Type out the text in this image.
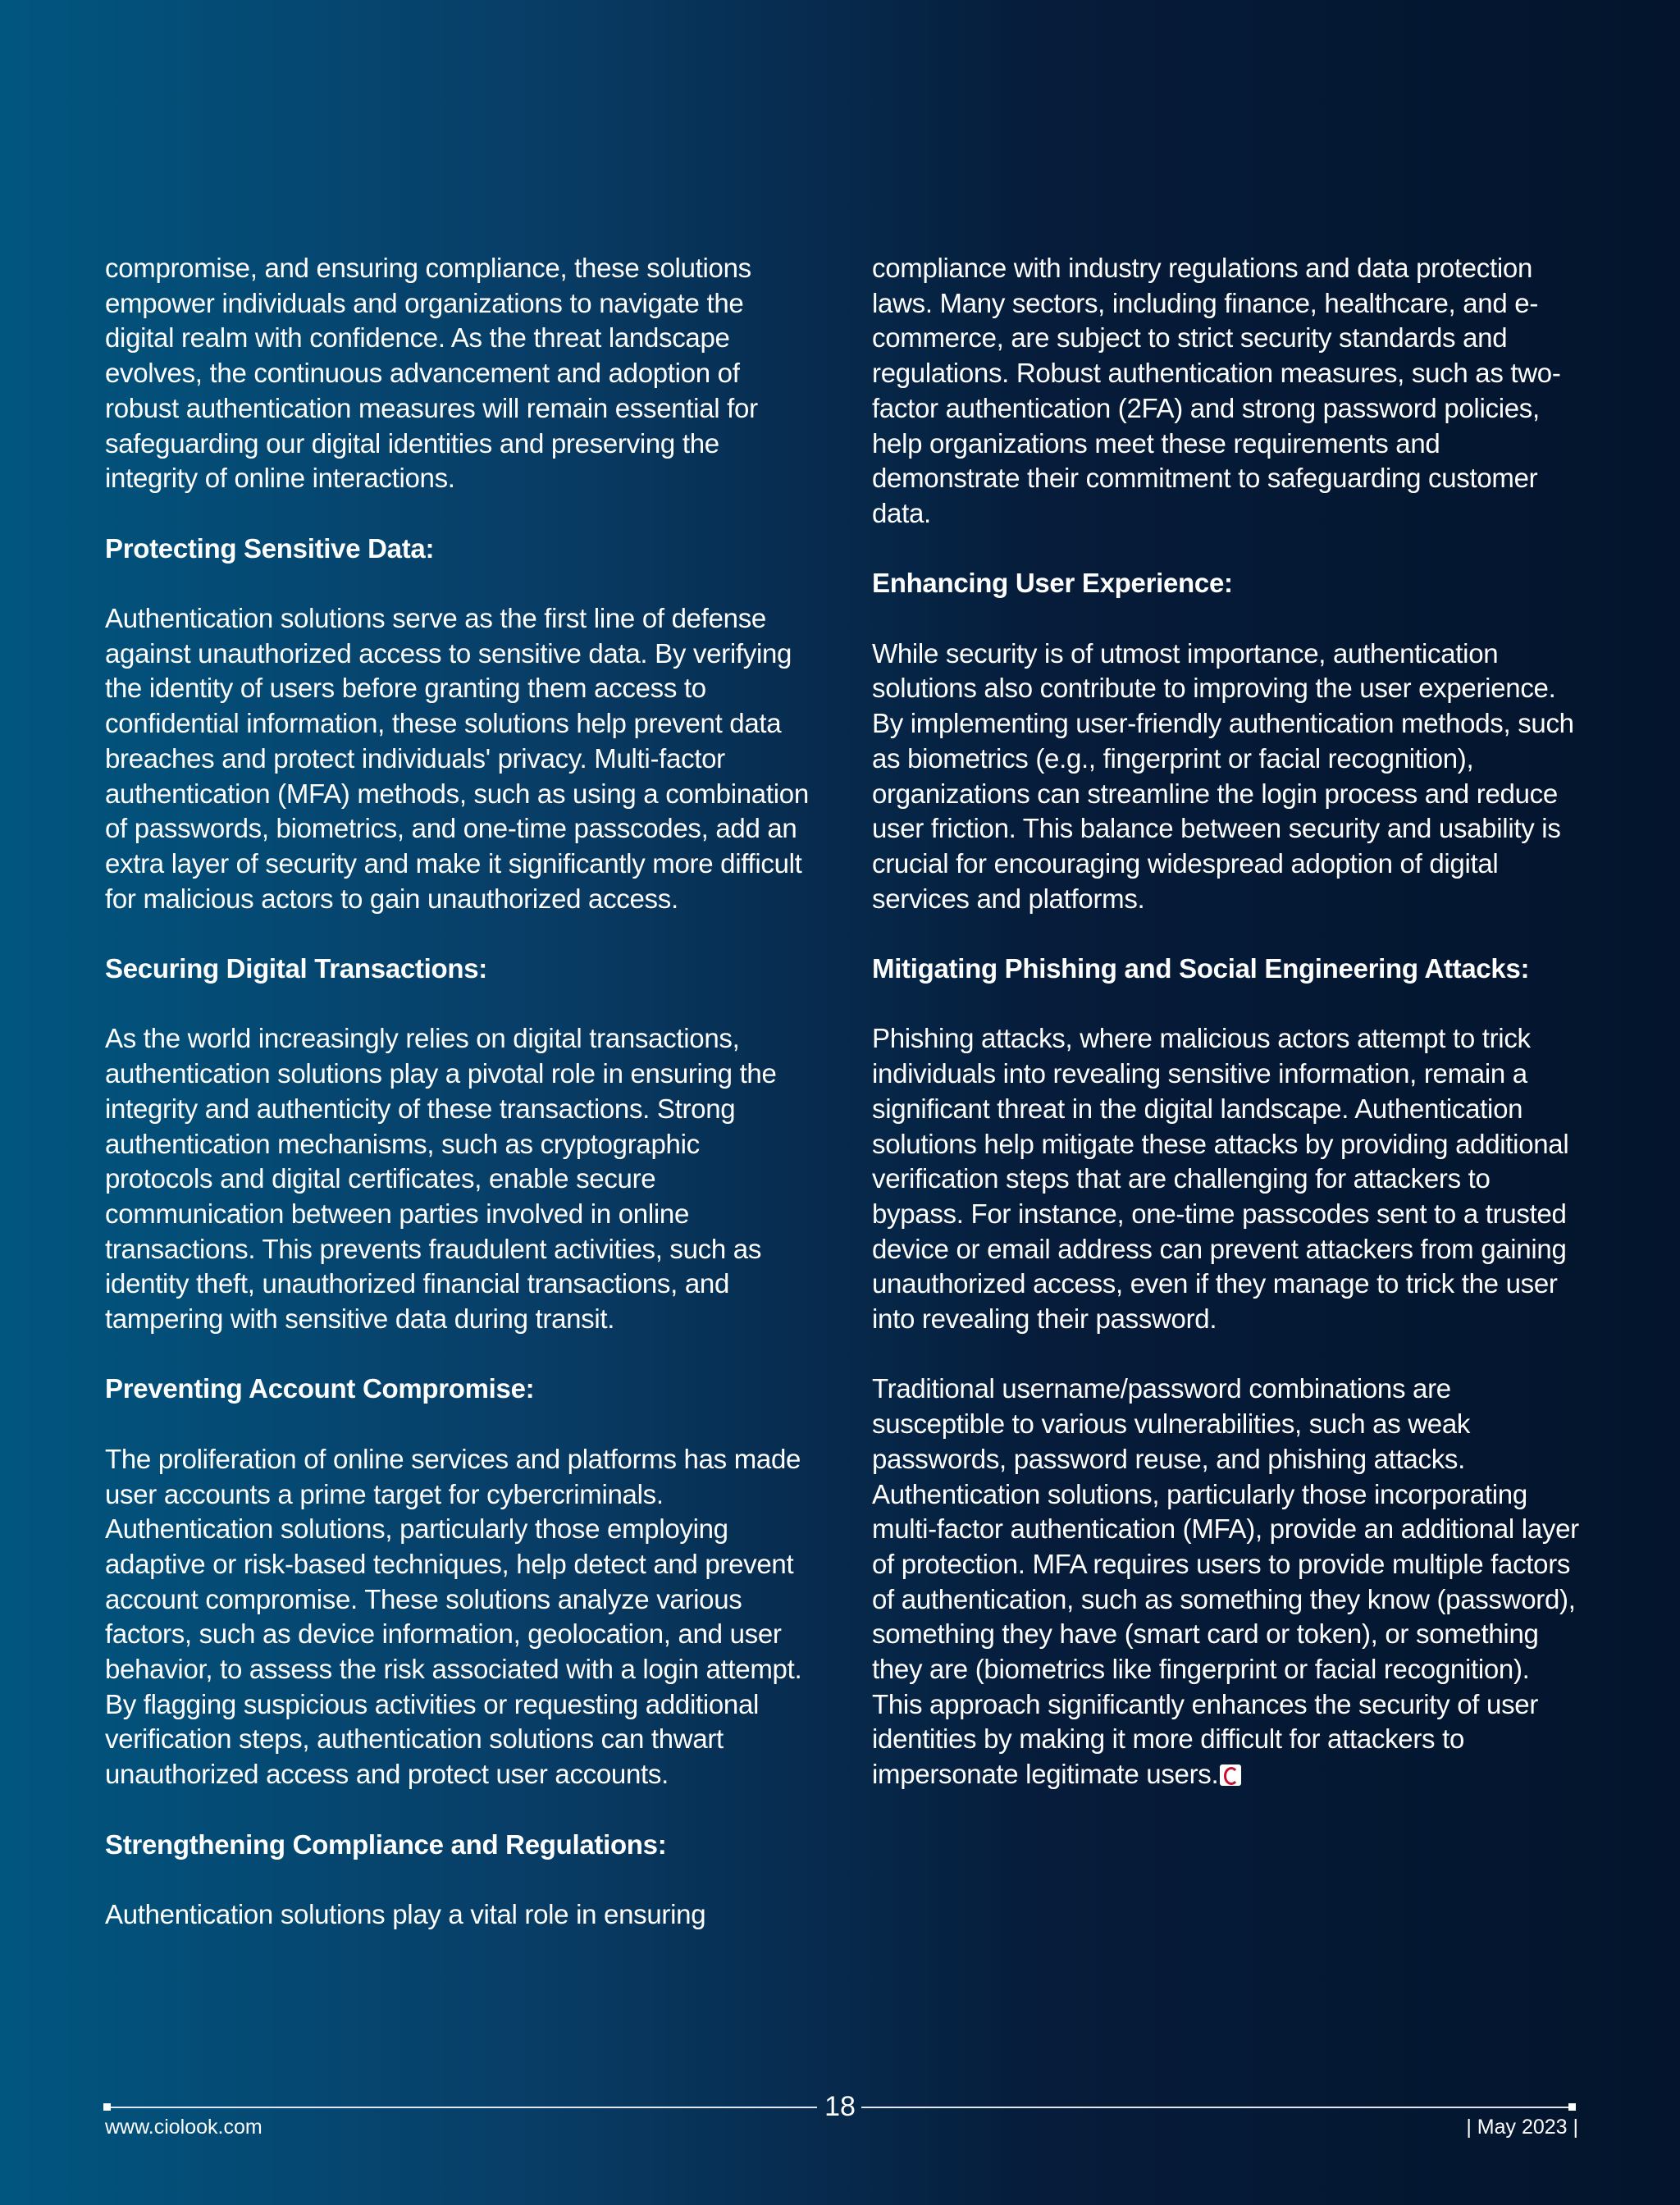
compromise, and ensuring compliance, these solutions empower individuals and organizations to navigate the digital realm with confidence. As the threat landscape evolves, the continuous advancement and adoption of robust authentication measures will remain essential for safeguarding our digital identities and preserving the integrity of online interactions.

Protecting Sensitive Data:

Authentication solutions serve as the first line of defense against unauthorized access to sensitive data. By verifying the identity of users before granting them access to confidential information, these solutions help prevent data breaches and protect individuals' privacy. Multi-factor authentication (MFA) methods, such as using a combination of passwords, biometrics, and one-time passcodes, add an extra layer of security and make it significantly more difficult for malicious actors to gain unauthorized access.

Securing Digital Transactions:

As the world increasingly relies on digital transactions, authentication solutions play a pivotal role in ensuring the integrity and authenticity of these transactions. Strong authentication mechanisms, such as cryptographic protocols and digital certificates, enable secure communication between parties involved in online transactions. This prevents fraudulent activities, such as identity theft, unauthorized financial transactions, and tampering with sensitive data during transit.

Preventing Account Compromise:

The proliferation of online services and platforms has made user accounts a prime target for cybercriminals. Authentication solutions, particularly those employing adaptive or risk-based techniques, help detect and prevent account compromise. These solutions analyze various factors, such as device information, geolocation, and user behavior, to assess the risk associated with a login attempt. By flagging suspicious activities or requesting additional verification steps, authentication solutions can thwart unauthorized access and protect user accounts.

Strengthening Compliance and Regulations:

Authentication solutions play a vital role in ensuring

compliance with industry regulations and data protection laws. Many sectors, including finance, healthcare, and e-commerce, are subject to strict security standards and regulations. Robust authentication measures, such as two-factor authentication (2FA) and strong password policies, help organizations meet these requirements and demonstrate their commitment to safeguarding customer data.

Enhancing User Experience:

While security is of utmost importance, authentication solutions also contribute to improving the user experience. By implementing user-friendly authentication methods, such as biometrics (e.g., fingerprint or facial recognition), organizations can streamline the login process and reduce user friction. This balance between security and usability is crucial for encouraging widespread adoption of digital services and platforms.

Mitigating Phishing and Social Engineering Attacks:

Phishing attacks, where malicious actors attempt to trick individuals into revealing sensitive information, remain a significant threat in the digital landscape. Authentication solutions help mitigate these attacks by providing additional verification steps that are challenging for attackers to bypass. For instance, one-time passcodes sent to a trusted device or email address can prevent attackers from gaining unauthorized access, even if they manage to trick the user into revealing their password.

Traditional username/password combinations are susceptible to various vulnerabilities, such as weak passwords, password reuse, and phishing attacks. Authentication solutions, particularly those incorporating multi-factor authentication (MFA), provide an additional layer of protection. MFA requires users to provide multiple factors of authentication, such as something they know (password), something they have (smart card or token), or something they are (biometrics like fingerprint or facial recognition). This approach significantly enhances the security of user identities by making it more difficult for attackers to impersonate legitimate users.

18
www.ciolook.com	| May 2023 |
